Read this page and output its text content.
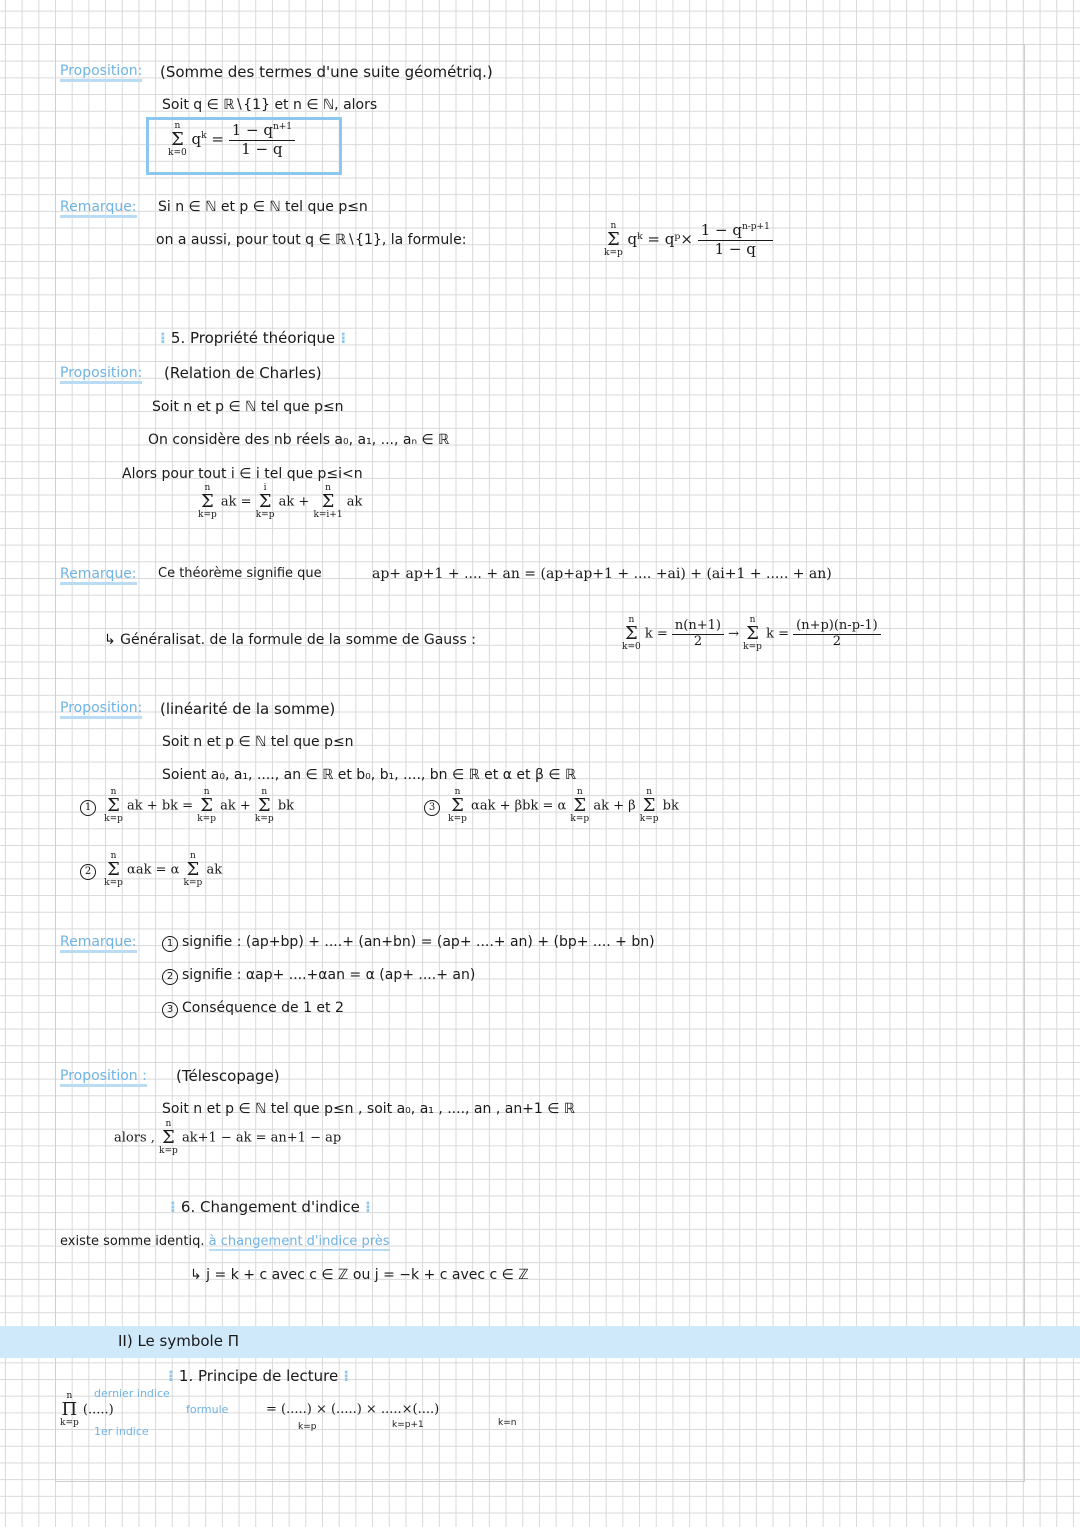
Proposition: (Somme des termes d'une suite géométriq.)
Soit q ∈ ℝ∖{1} et n ∈ ℕ, alors
n
Σ
k=0
$q^k = \frac{1 - q^{n+1}}{1 - q}$
Remarque: Si n ∈ ℕ et p ∈ ℕ tel que p≤n
on a aussi, pour tout q ∈ ℝ∖{1}, la formule:
n
Σ
k=p
qᵏ = qᵖ× $\frac{1 - q^{n-p+1}}{1 - q}$
⁝ 5. Propriété théorique ⁝
Proposition: (Relation de Charles)
Soit n et p ∈ ℕ tel que p≤n
On considère des nb réels a₀, a₁, ..., aₙ ∈ ℝ
Alors pour tout i ∈ i tel que p≤i<n
n
Σ
k=p
ak =
i
Σ
k=p
ak +
n
Σ
k=i+1
ak
Remarque: Ce théorème signifie que	ap+ ap+1 + .... + an = (ap+ap+1 + .... +ai) + (ai+1 + ..... + an)
↳ Généralisat. de la formule de la somme de Gauss :
n
Σ
k=0
$k = \frac{n(n+1)}{2}$ →
n
Σ
k=p
$k = \frac{(n+p)(n-p-1)}{2}$
Proposition: (linéarité de la somme)
Soit n et p ∈ ℕ tel que p≤n
Soient a₀, a₁, ...., an ∈ ℝ et b₀, b₁, ...., bn ∈ ℝ et α et β ∈ ℝ
1
n
Σ
k=p
ak + bk =
n
Σ
k=p
ak +
n
Σ
k=p
bk	3
n
Σ
k=p
αak + βbk = α
n
Σ
k=p
ak + β
n
Σ
k=p
bk
2
n
Σ
k=p
αak = α
n
Σ
k=p
ak
Remarque:	1 signifie : (ap+bp) + ....+ (an+bn) = (ap+ ....+ an) + (bp+ .... + bn)
2 signifie : αap+ ....+αan = α (ap+ ....+ an)
3 Conséquence de 1 et 2
Proposition : (Télescopage)
Soit n et p ∈ ℕ tel que p≤n , soit a₀, a₁ , ...., an , an+1 ∈ ℝ
alors ,
n
Σ
k=p
ak+1 − ak = an+1 − ap
⁝ 6. Changement d'indice ⁝
existe somme identiq. à changement d'indice près
↳ j = k + c avec c ∈ ℤ ou j = −k + c avec c ∈ ℤ
II) Le symbole Π
⁝ 1. Principe de lecture ⁝
n
Π
k=p
(.....)
dernier indice
formule
1er indice
= (.....) × (.....) × .....×(....)
k=p	k=p+1	k=n
